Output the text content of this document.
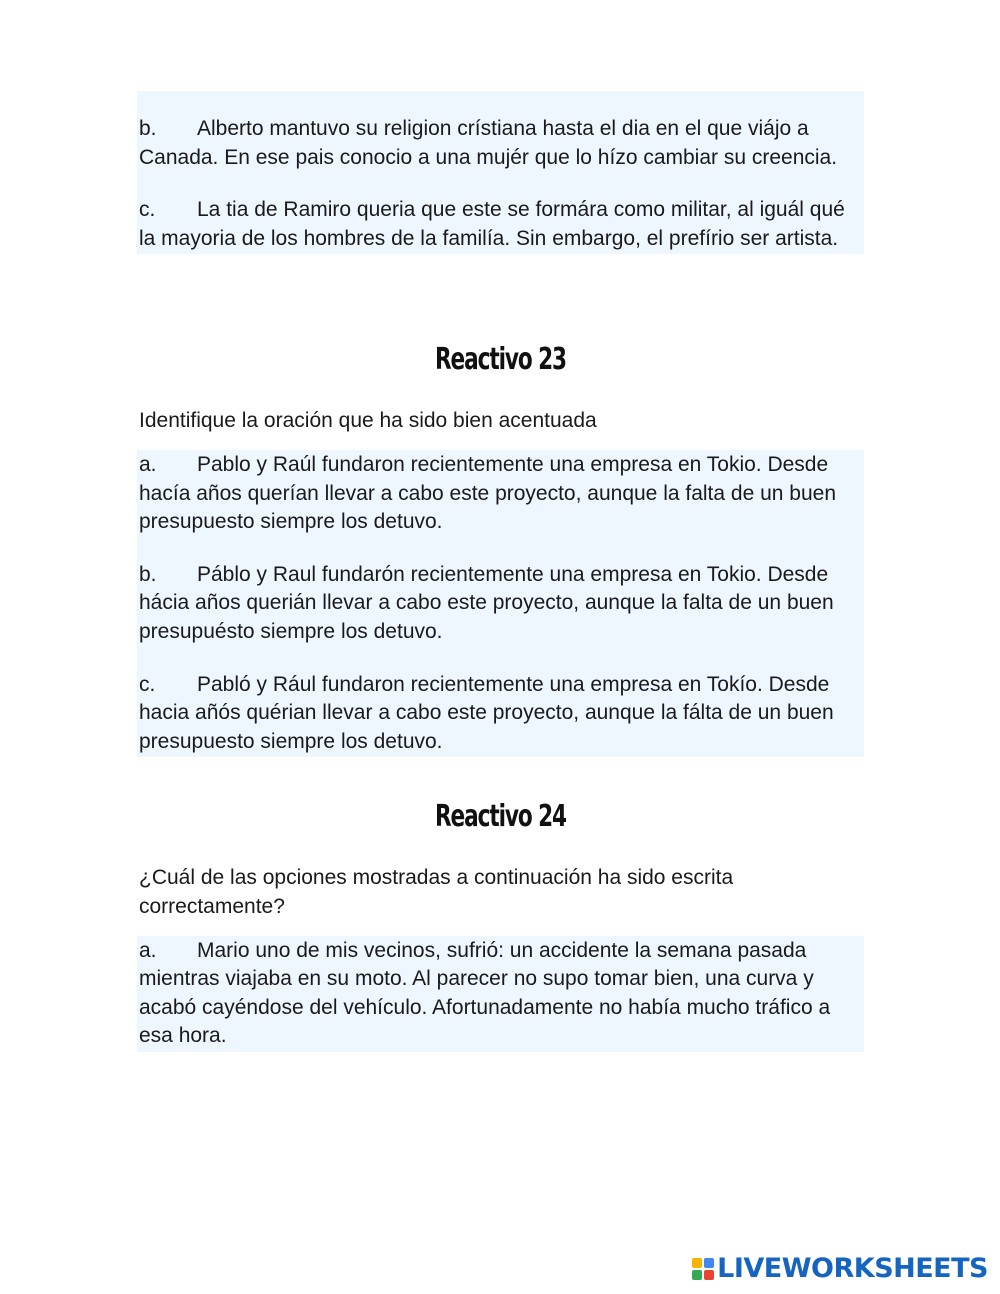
b. Alberto mantuvo su religion crístiana hasta el dia en el que viájo a Canada. En ese pais conocio a una mujér que lo hízo cambiar su creencia.
c. La tia de Ramiro queria que este se formára como militar, al iguál qué la mayoria de los hombres de la familía. Sin embargo, el prefírio ser artista.
Reactivo 23

Identifique la oración que ha sido bien acentuada

a. Pablo y Raúl fundaron recientemente una empresa en Tokio. Desde hacía años querían llevar a cabo este proyecto, aunque la falta de un buen presupuesto siempre los detuvo.
b. Páblo y Raul fundarón recientemente una empresa en Tokio. Desde hácia años querián llevar a cabo este proyecto, aunque la falta de un buen presupuésto siempre los detuvo.
c. Pabló y Rául fundaron recientemente una empresa en Tokío. Desde hacia añós quérian llevar a cabo este proyecto, aunque la fálta de un buen presupuesto siempre los detuvo.
Reactivo 24

¿Cuál de las opciones mostradas a continuación ha sido escrita correctamente?

a. Mario uno de mis vecinos, sufrió: un accidente la semana pasada mientras viajaba en su moto. Al parecer no supo tomar bien, una curva y acabó cayéndose del vehículo. Afortunadamente no había mucho tráfico a esa hora.
LIVEWORKSHEETS
